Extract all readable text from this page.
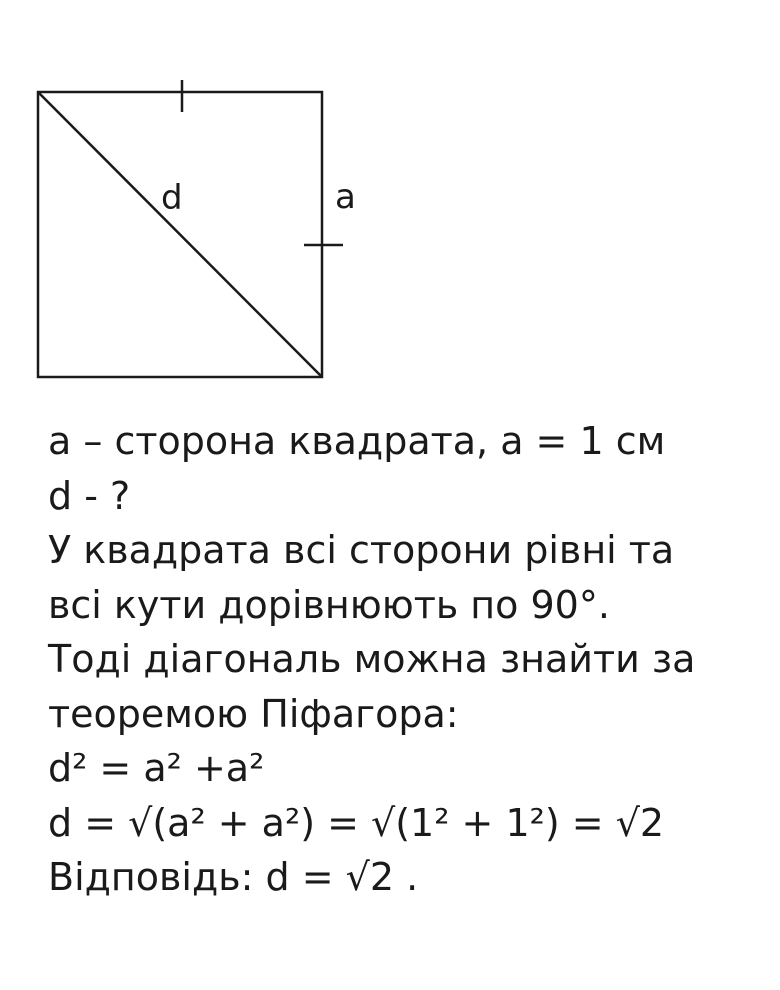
d	a
a – сторона квадрата, a = 1 см
d - ?
У квадрата всі сторони рівні та
всі кути дорівнюють по 90°.
Тоді діагональ можна знайти за
теоремою Піфагора:
d² = a² +a²
d = √(a² + a²) = √(1² + 1²) = √2
Відповідь: d = √2 .
